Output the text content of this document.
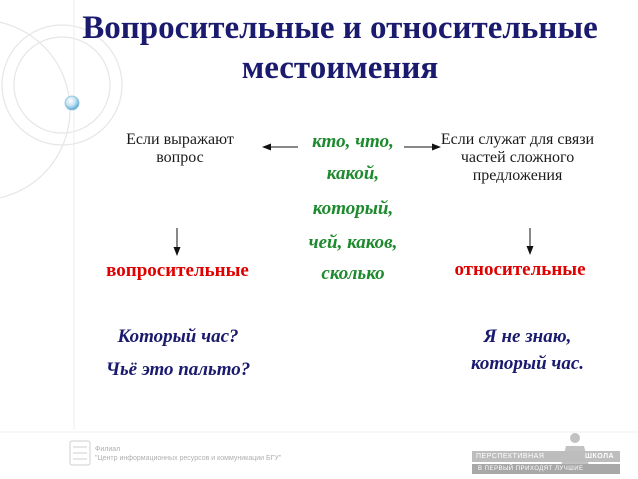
Вопросительные и относительные местоимения
Если выражают вопрос
кто, что,
какой,
который,
чей, каков,
сколько
Если служат для связи частей сложного предложения
вопросительные	относительные
Который час?
Чьё это пальто?
Я не знаю,
который час.
Филиал
"Центр информационных ресурсов и коммуникации БГУ"	ПЕРСПЕКТИВНАЯ	ШКОЛА
В ПЕРВЫЙ ПРИХОДЯТ ЛУЧШИЕ
